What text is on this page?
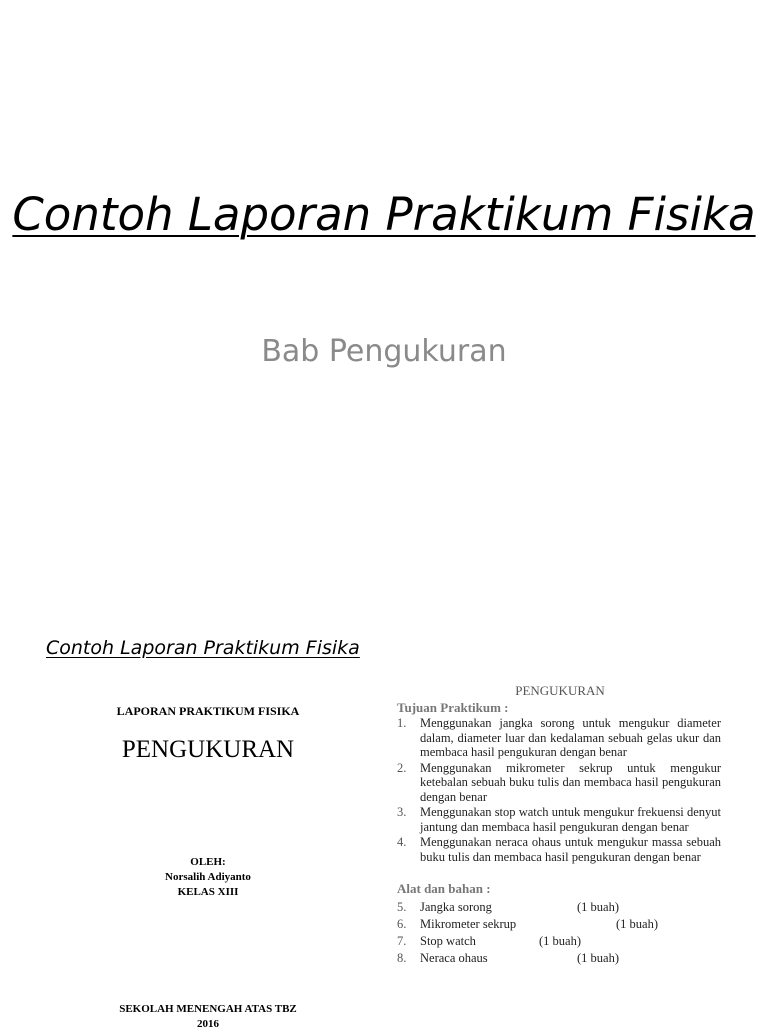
Contoh Laporan Praktikum Fisika
Bab Pengukuran
Contoh Laporan Praktikum Fisika
LAPORAN PRAKTIKUM FISIKA
PENGUKURAN
OLEH:
Norsalih Adiyanto
KELAS XIII
SEKOLAH MENENGAH ATAS TBZ
2016
PENGUKURAN
Tujuan Praktikum :
1. Menggunakan jangka sorong untuk mengukur diameter dalam, diameter luar dan kedalaman sebuah gelas ukur dan membaca hasil pengukuran dengan benar
2. Menggunakan mikrometer sekrup untuk mengukur ketebalan sebuah buku tulis dan membaca hasil pengukuran dengan benar
3. Menggunakan stop watch untuk mengukur frekuensi denyut jantung dan membaca hasil pengukuran dengan benar
4. Menggunakan neraca ohaus untuk mengukur massa sebuah buku tulis dan membaca hasil pengukuran dengan benar
Alat dan bahan :
5. Jangka sorong	(1 buah)
6. Mikrometer sekrup	(1 buah)
7. Stop watch	(1 buah)
8. Neraca ohaus	(1 buah)
